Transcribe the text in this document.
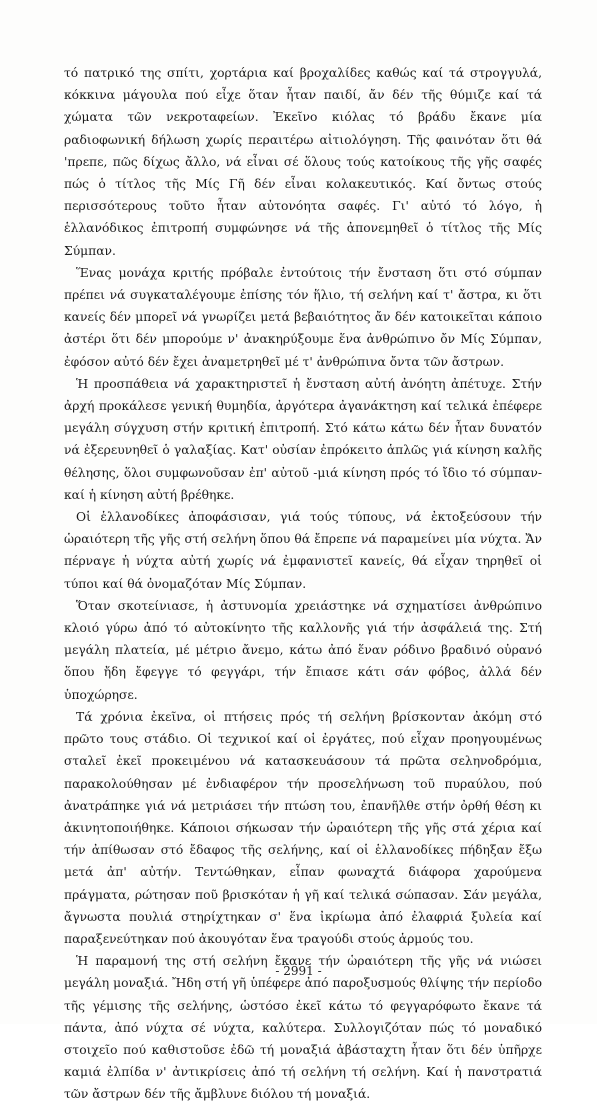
τό πατρικό της σπίτι, χορτάρια καί βροχαλίδες καθώς καί τά στρογγυλά, κόκκινα μάγουλα πού εἶχε ὅταν ἦταν παιδί, ἄν δέν τῆς θύμιζε καί τά χώματα τῶν νεκροταφείων. Ἐκεῖνο κιόλας τό βράδυ ἔκανε μία ραδιοφωνική δήλωση χωρίς περαιτέρω αἰτιολόγηση. Τῆς φαινόταν ὅτι θά 'πρεπε, πῶς δίχως ἄλλο, νά εἶναι σέ ὅλους τούς κατοίκους τῆς γῆς σαφές πώς ὁ τίτλος τῆς Μίς Γῆ δέν εἶναι κολακευτικός. Καί ὄντως στούς περισσότερους τοῦτο ἦταν αὐτονόητα σαφές. Γι' αὐτό τό λόγο, ἡ ἑλλανόδικος ἐπιτροπή συμφώνησε νά τῆς ἀπονεμηθεῖ ὁ τίτλος τῆς Μίς Σύμπαν.

Ἕνας μονάχα κριτής πρόβαλε ἐντούτοις τήν ἔνσταση ὅτι στό σύμπαν πρέπει νά συγκαταλέγουμε ἐπίσης τόν ἥλιο, τή σελήνη καί τ' ἄστρα, κι ὅτι κανείς δέν μπορεῖ νά γνωρίζει μετά βεβαιότητος ἄν δέν κατοικεῖται κάποιο ἀστέρι ὅτι δέν μπορούμε ν' ἀνακηρύξουμε ἕνα ἀνθρώπινο ὄν Μίς Σύμπαν, ἐφόσον αὐτό δέν ἔχει ἀναμετρηθεῖ μέ τ' ἀνθρώπινα ὄντα τῶν ἄστρων.

Ἡ προσπάθεια νά χαρακτηριστεῖ ἡ ἔνσταση αὐτή ἀνόητη ἀπέτυχε. Στήν ἀρχή προκάλεσε γενική θυμηδία, ἀργότερα ἀγανάκτηση καί τελικά ἐπέφερε μεγάλη σύγχυση στήν κριτική ἐπιτροπή. Στό κάτω κάτω δέν ἦταν δυνατόν νά ἐξερευνηθεῖ ὁ γαλαξίας. Κατ' οὐσίαν ἐπρόκειτο ἁπλῶς γιά κίνηση καλῆς θέλησης, ὅλοι συμφωνοῦσαν ἐπ' αὐτοῦ -μιά κίνηση πρός τό ἴδιο τό σύμπαν- καί ἡ κίνηση αὐτή βρέθηκε.

Οἱ ἑλλανοδίκες ἀποφάσισαν, γιά τούς τύπους, νά ἐκτοξεύσουν τήν ὡραιότερη τῆς γῆς στή σελήνη ὅπου θά ἔπρεπε νά παραμείνει μία νύχτα. Ἄν πέρναγε ἡ νύχτα αὐτή χωρίς νά ἐμφανιστεῖ κανείς, θά εἶχαν τηρηθεῖ οἱ τύποι καί θά ὀνομαζόταν Μίς Σύμπαν.

Ὅταν σκοτείνιασε, ἡ ἀστυνομία χρειάστηκε νά σχηματίσει ἀνθρώπινο κλοιό γύρω ἀπό τό αὐτοκίνητο τῆς καλλονῆς γιά τήν ἀσφάλειά της. Στή μεγάλη πλατεία, μέ μέτριο ἄνεμο, κάτω ἀπό ἕναν ρόδινο βραδινό οὐρανό ὅπου ἤδη ἔφεγγε τό φεγγάρι, τήν ἔπιασε κάτι σάν φόβος, ἀλλά δέν ὑποχώρησε.

Τά χρόνια ἐκεῖνα, οἱ πτήσεις πρός τή σελήνη βρίσκονταν ἀκόμη στό πρῶτο τους στάδιο. Οἱ τεχνικοί καί οἱ ἐργάτες, πού εἶχαν προηγουμένως σταλεῖ ἐκεῖ προκειμένου νά κατασκευάσουν τά πρῶτα σεληνοδρόμια, παρακολούθησαν μέ ἐνδιαφέρον τήν προσελήνωση τοῦ πυραύλου, πού ἀνατράπηκε γιά νά μετριάσει τήν πτώση του, ἐπανῆλθε στήν ὀρθή θέση κι ἀκινητοποιήθηκε. Κάποιοι σήκωσαν τήν ὡραιότερη τῆς γῆς στά χέρια καί τήν ἀπίθωσαν στό ἔδαφος τῆς σελήνης, καί οἱ ἑλλανοδίκες πήδηξαν ἔξω μετά ἀπ' αὐτήν. Τεντώθηκαν, εἶπαν φωναχτά διάφορα χαρούμενα πράγματα, ρώτησαν ποῦ βρισκόταν ἡ γῆ καί τελικά σώπασαν. Σάν μεγάλα, ἄγνωστα πουλιά στηρίχτηκαν σ' ἕνα ἰκρίωμα ἀπό ἐλαφριά ξυλεία καί παραξενεύτηκαν πού ἀκουγόταν ἕνα τραγούδι στούς ἁρμούς του.

Ἡ παραμονή της στή σελήνη ἔκανε τήν ὡραιότερη τῆς γῆς νά νιώσει μεγάλη μοναξιά. Ἤδη στή γῆ ὑπέφερε ἀπό παροξυσμούς θλίψης τήν περίοδο τῆς γέμισης τῆς σελήνης, ὡστόσο ἐκεῖ κάτω τό φεγγαρόφωτο ἔκανε τά πάντα, ἀπό νύχτα σέ νύχτα, καλύτερα. Συλλογιζόταν πώς τό μοναδικό στοιχεῖο πού καθιστοῦσε ἐδῶ τή μοναξιά ἀβάσταχτη ἦταν ὅτι δέν ὑπῆρχε καμιά ἐλπίδα ν' ἀντικρίσεις ἀπό τή σελήνη τή σελήνη. Καί ἡ πανστρατιά τῶν ἄστρων δέν τῆς ἄμβλυνε διόλου τή μοναξιά.

- 2991 -
